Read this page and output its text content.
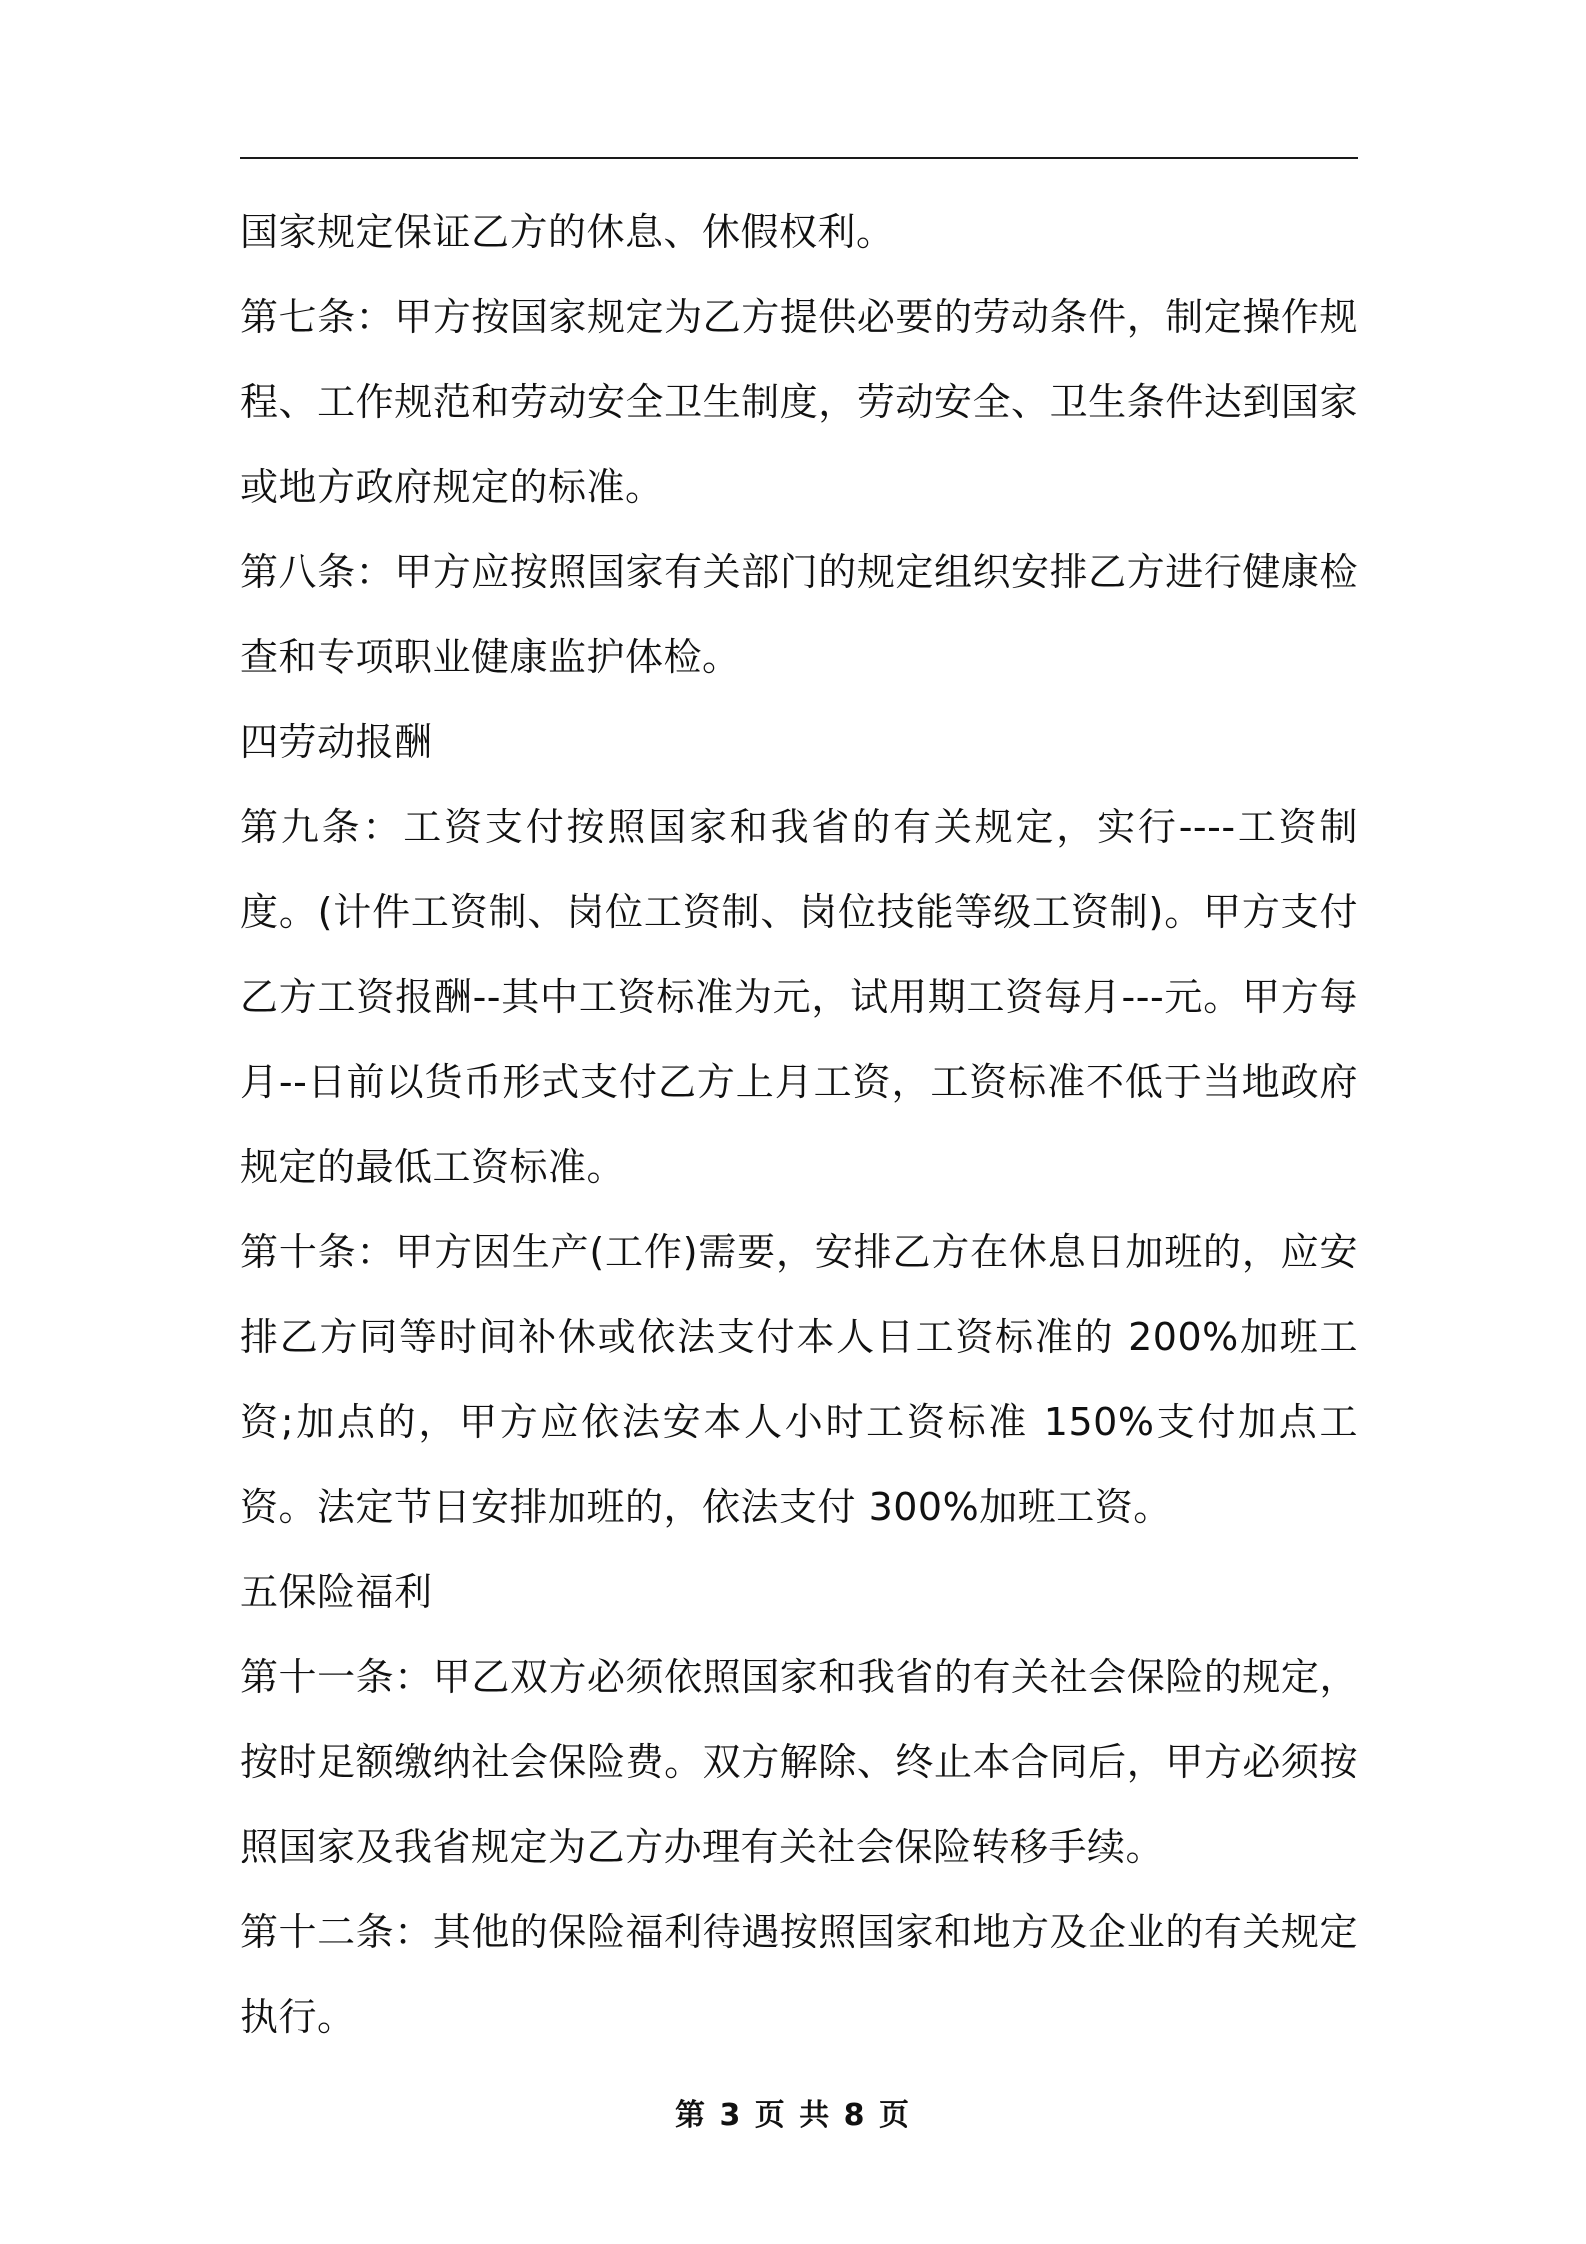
国家规定保证乙方的休息、休假权利。

第七条：甲方按国家规定为乙方提供必要的劳动条件，制定操作规程、工作规范和劳动安全卫生制度，劳动安全、卫生条件达到国家或地方政府规定的标准。

第八条：甲方应按照国家有关部门的规定组织安排乙方进行健康检查和专项职业健康监护体检。

四劳动报酬

第九条：工资支付按照国家和我省的有关规定，实行----工资制度。(计件工资制、岗位工资制、岗位技能等级工资制)。甲方支付乙方工资报酬--其中工资标准为元，试用期工资每月---元。甲方每月--日前以货币形式支付乙方上月工资，工资标准不低于当地政府规定的最低工资标准。

第十条：甲方因生产(工作)需要，安排乙方在休息日加班的，应安排乙方同等时间补休或依法支付本人日工资标准的 200%加班工资;加点的，甲方应依法安本人小时工资标准 150%支付加点工资。法定节日安排加班的，依法支付 300%加班工资。

五保险福利

第十一条：甲乙双方必须依照国家和我省的有关社会保险的规定，按时足额缴纳社会保险费。双方解除、终止本合同后，甲方必须按照国家及我省规定为乙方办理有关社会保险转移手续。

第十二条：其他的保险福利待遇按照国家和地方及企业的有关规定执行。

第 3 页 共 8 页
